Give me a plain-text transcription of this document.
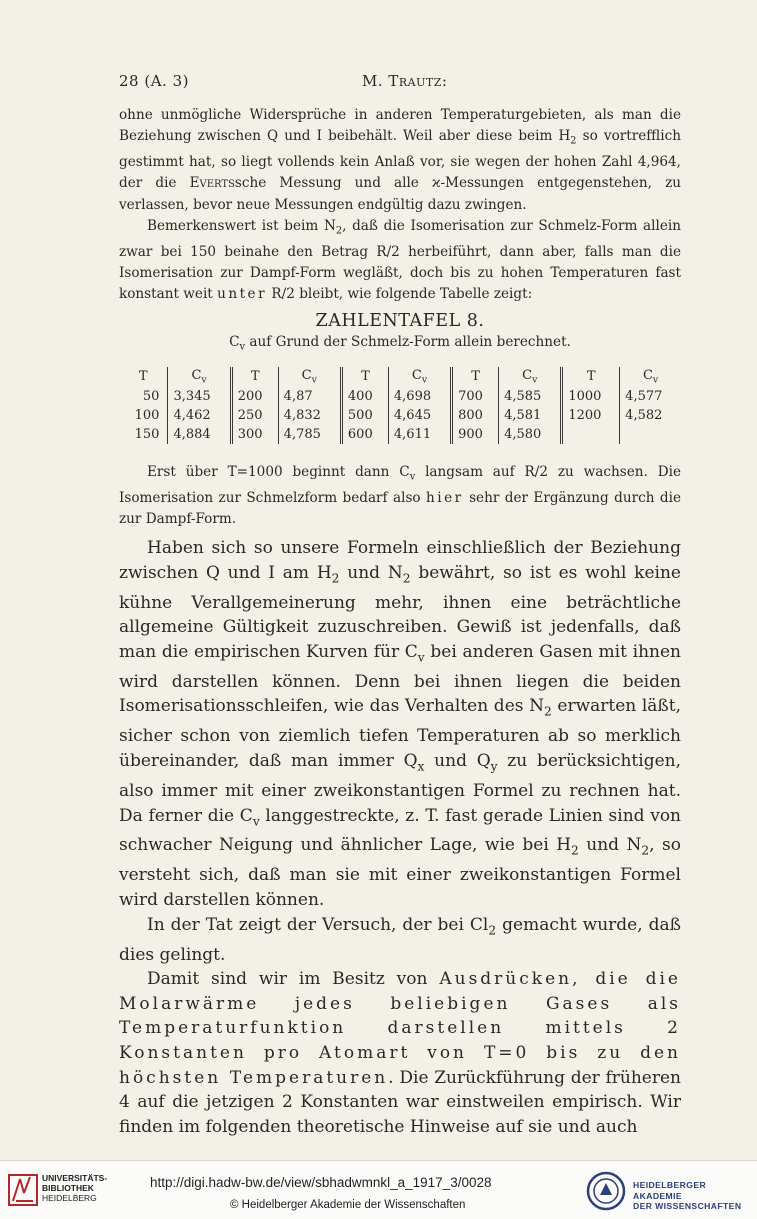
28 (A. 3)	M. Trautz:

ohne unmögliche Widersprüche in anderen Temperaturgebieten, als man die Beziehung zwischen Q und I beibehält. Weil aber diese beim $H_2$ so vortrefflich gestimmt hat, so liegt vollends kein Anlaß vor, sie wegen der hohen Zahl 4,964, der die Evertssche Messung und alle ϰ-Messungen entgegenstehen, zu verlassen, bevor neue Messungen endgültig dazu zwingen.

Bemerkenswert ist beim $N_2$, daß die Isomerisation zur Schmelz-Form allein zwar bei 150 beinahe den Betrag R/2 herbeiführt, dann aber, falls man die Isomerisation zur Dampf-Form wegläßt, doch bis zu hohen Temperaturen fast konstant weit unter R/2 bleibt, wie folgende Tabelle zeigt:

ZAHLENTAFEL 8.
$C_v$ auf Grund der Schmelz-Form allein berechnet.
T	$C_v$	T	$C_v$	T	$C_v$	T	$C_v$	T	$C_v$
50	3,345	200	4,87	400	4,698	700	4,585	1000	4,577
100	4,462	250	4,832	500	4,645	800	4,581	1200	4,582
150	4,884	300	4,785	600	4,611	900	4,580		
Erst über T=1000 beginnt dann $C_v$ langsam auf R/2 zu wachsen. Die Isomerisation zur Schmelzform bedarf also hier sehr der Ergänzung durch die zur Dampf-Form.

Haben sich so unsere Formeln einschließlich der Beziehung zwischen Q und I am $H_2$ und $N_2$ bewährt, so ist es wohl keine kühne Verallgemeinerung mehr, ihnen eine beträchtliche allgemeine Gültigkeit zuzuschreiben. Gewiß ist jedenfalls, daß man die empirischen Kurven für $C_v$ bei anderen Gasen mit ihnen wird darstellen können. Denn bei ihnen liegen die beiden Isomerisationsschleifen, wie das Verhalten des $N_2$ erwarten läßt, sicher schon von ziemlich tiefen Temperaturen ab so merklich übereinander, daß man immer $Q_x$ und $Q_y$ zu berücksichtigen, also immer mit einer zweikonstantigen Formel zu rechnen hat. Da ferner die $C_v$ langgestreckte, z. T. fast gerade Linien sind von schwacher Neigung und ähnlicher Lage, wie bei $H_2$ und $N_2$, so versteht sich, daß man sie mit einer zweikonstantigen Formel wird darstellen können.

In der Tat zeigt der Versuch, der bei $Cl_2$ gemacht wurde, daß dies gelingt.

Damit sind wir im Besitz von Ausdrücken, die die Molarwärme jedes beliebigen Gases als Temperaturfunktion darstellen mittels 2 Konstanten pro Atomart von T=0 bis zu den höchsten Temperaturen. Die Zurückführung der früheren 4 auf die jetzigen 2 Konstanten war einstweilen empirisch. Wir finden im folgenden theoretische Hinweise auf sie und auch

UNIVERSITÄTS-
BIBLIOTHEK
HEIDELBERG
http://digi.hadw-bw.de/view/sbhadwmnkl_a_1917_3/0028
© Heidelberger Akademie der Wissenschaften
HEIDELBERGER AKADEMIE
DER WISSENSCHAFTEN
